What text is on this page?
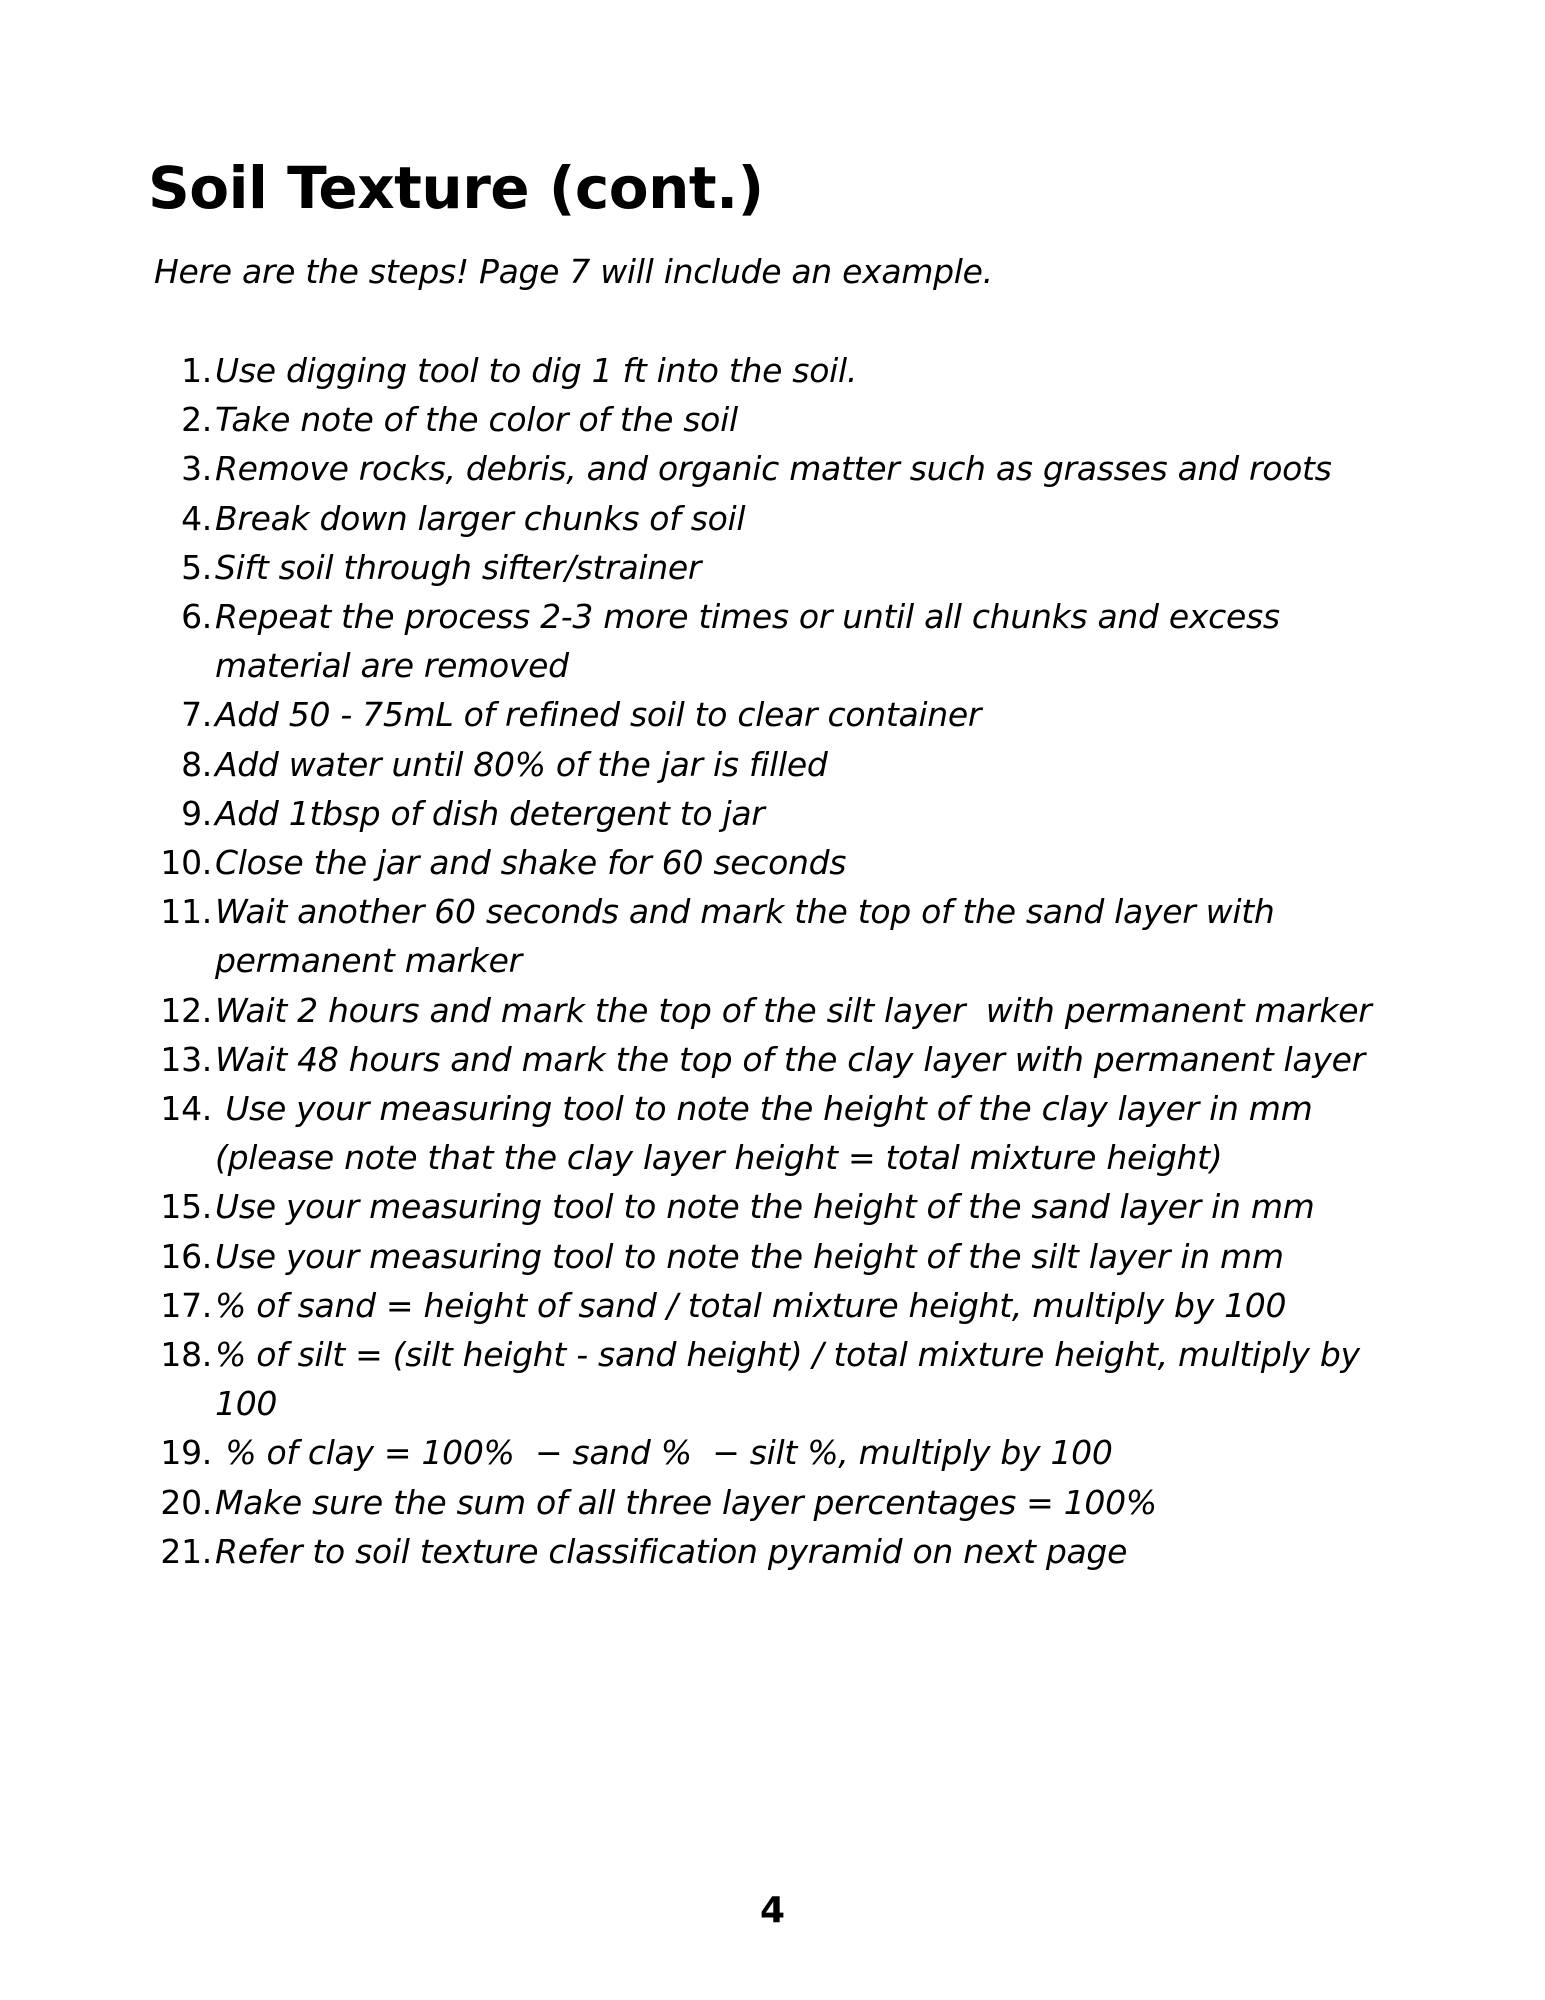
Soil Texture (cont.)

Here are the steps! Page 7 will include an example.

1. Use digging tool to dig 1 ft into the soil.
2. Take note of the color of the soil
3. Remove rocks, debris, and organic matter such as grasses and roots
4. Break down larger chunks of soil
5. Sift soil through sifter/strainer
6. Repeat the process 2-3 more times or until all chunks and excess material are removed
7. Add 50 - 75mL of refined soil to clear container
8. Add water until 80% of the jar is filled
9. Add 1tbsp of dish detergent to jar
10. Close the jar and shake for 60 seconds
11. Wait another 60 seconds and mark the top of the sand layer with permanent marker
12. Wait 2 hours and mark the top of the silt layer  with permanent marker
13. Wait 48 hours and mark the top of the clay layer with permanent layer
14. Use your measuring tool to note the height of the clay layer in mm (please note that the clay layer height = total mixture height)
15. Use your measuring tool to note the height of the sand layer in mm
16. Use your measuring tool to note the height of the silt layer in mm
17. % of sand = height of sand / total mixture height, multiply by 100
18. % of silt = (silt height - sand height) / total mixture height, multiply by 100
19. % of clay = 100%  − sand %  − silt %, multiply by 100
20. Make sure the sum of all three layer percentages = 100%
21. Refer to soil texture classification pyramid on next page
4
